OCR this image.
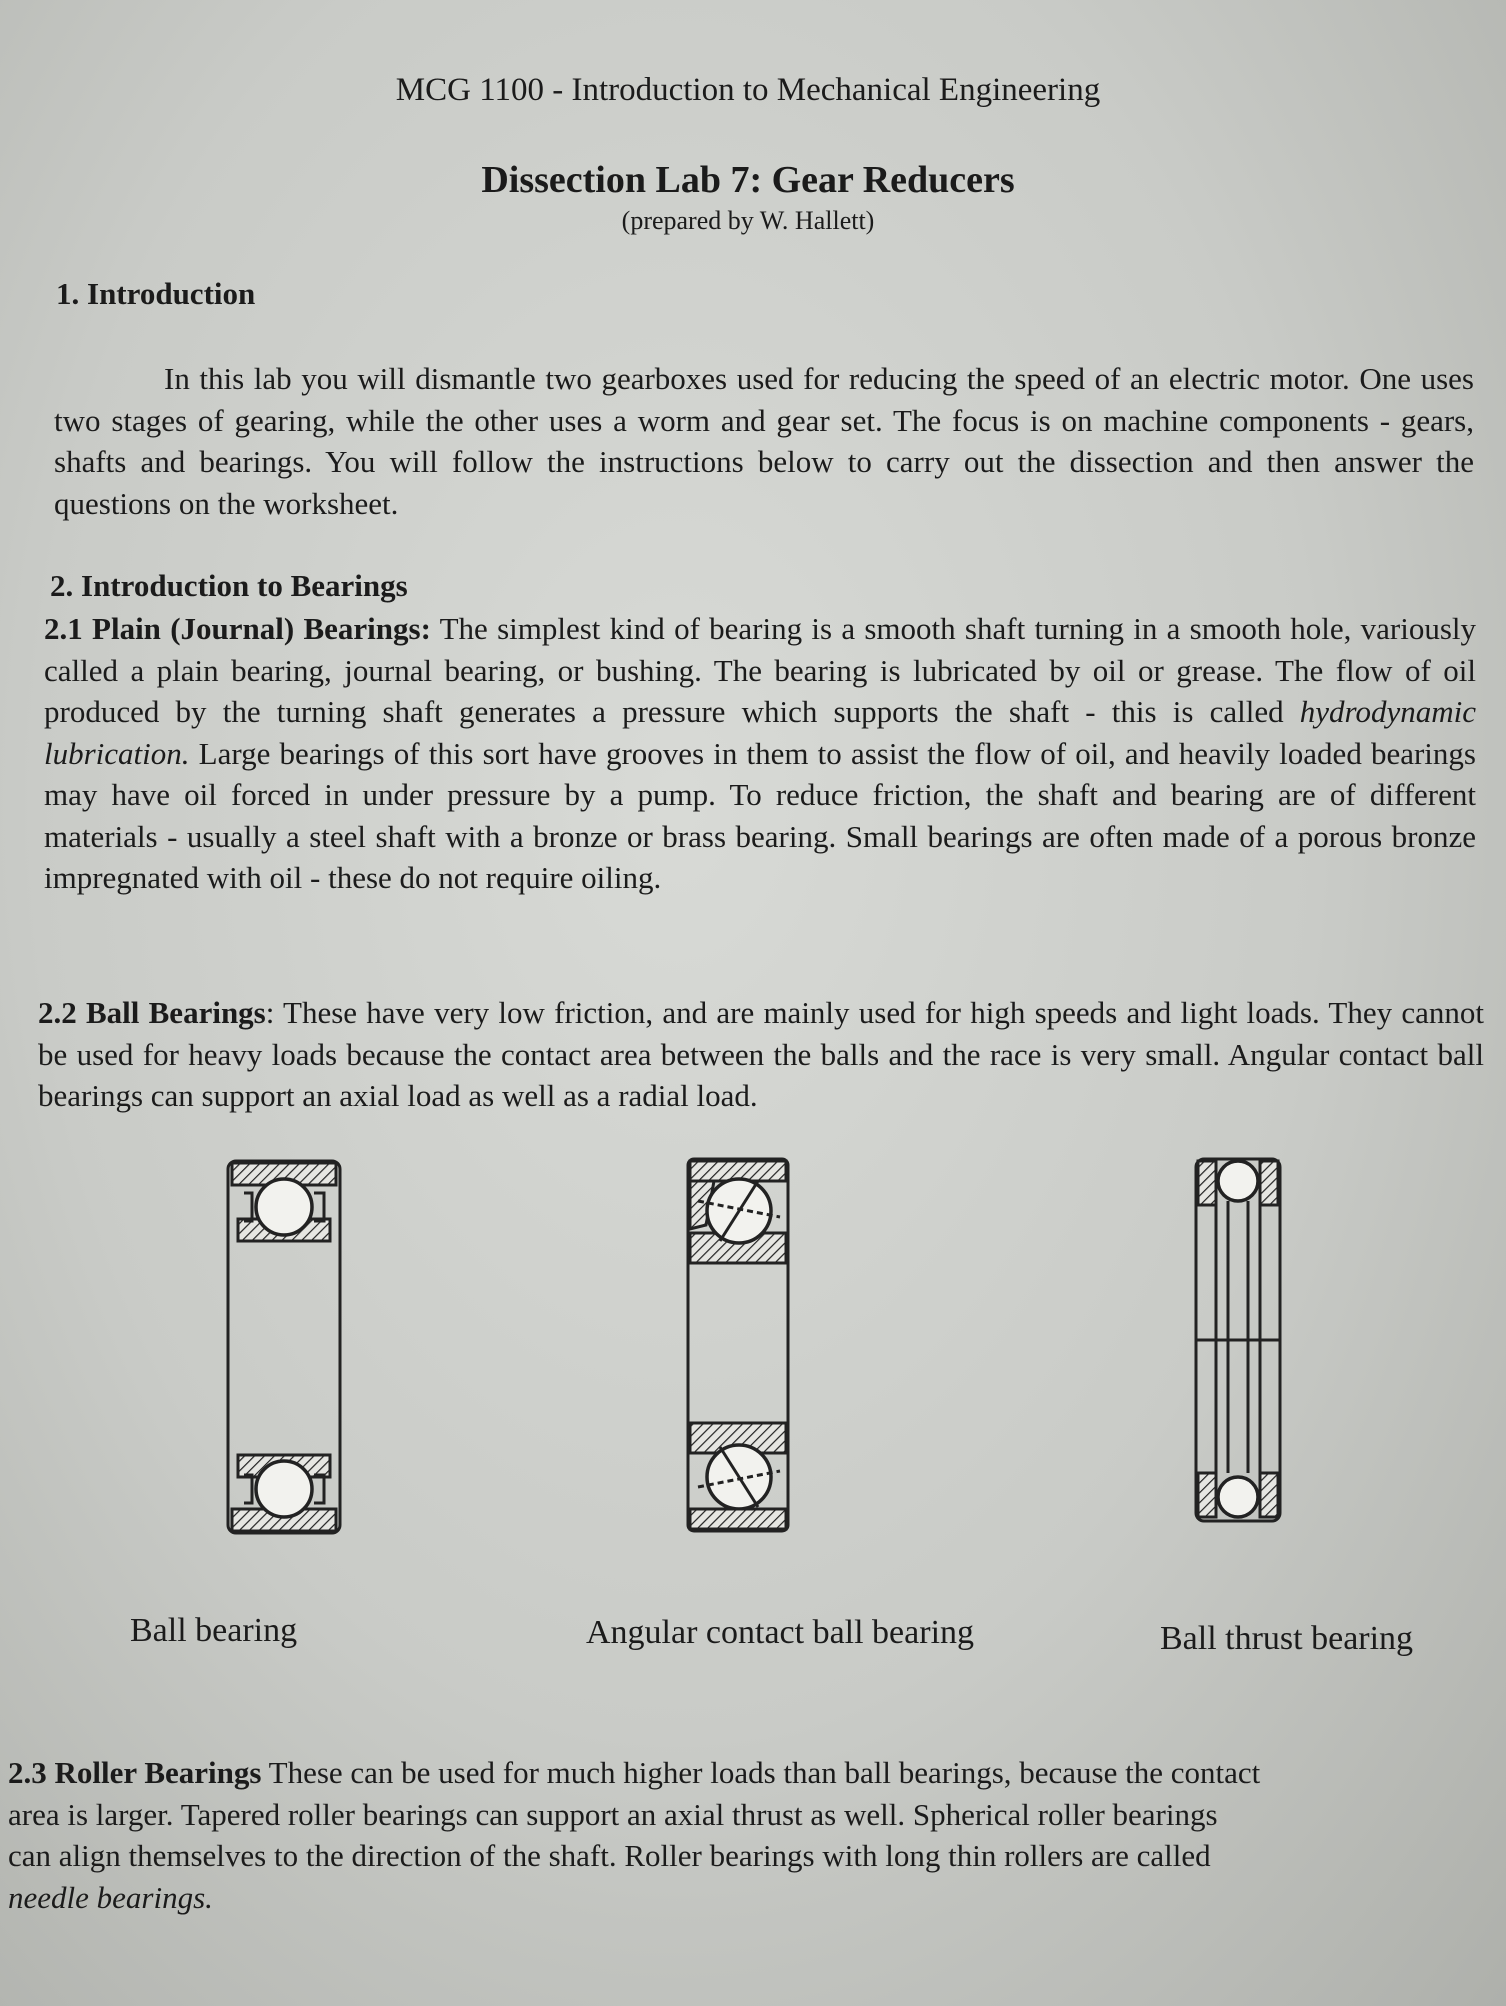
MCG 1100 - Introduction to Mechanical Engineering
Dissection Lab 7: Gear Reducers
(prepared by W. Hallett)
1. Introduction

In this lab you will dismantle two gearboxes used for reducing the speed of an electric motor. One uses two stages of gearing, while the other uses a worm and gear set. The focus is on machine components - gears, shafts and bearings. You will follow the instructions below to carry out the dissection and then answer the questions on the worksheet.

2. Introduction to Bearings

2.1 Plain (Journal) Bearings: The simplest kind of bearing is a smooth shaft turning in a smooth hole, variously called a plain bearing, journal bearing, or bushing. The bearing is lubricated by oil or grease. The flow of oil produced by the turning shaft generates a pressure which supports the shaft - this is called hydrodynamic lubrication. Large bearings of this sort have grooves in them to assist the flow of oil, and heavily loaded bearings may have oil forced in under pressure by a pump. To reduce friction, the shaft and bearing are of different materials - usually a steel shaft with a bronze or brass bearing. Small bearings are often made of a porous bronze impregnated with oil - these do not require oiling.

2.2 Ball Bearings: These have very low friction, and are mainly used for high speeds and light loads. They cannot be used for heavy loads because the contact area between the balls and the race is very small. Angular contact ball bearings can support an axial load as well as a radial load.

Ball bearing	Angular contact ball bearing	Ball thrust bearing

2.3 Roller Bearings These can be used for much higher loads than ball bearings, because the contact
area is larger. Tapered roller bearings can support an axial thrust as well. Spherical roller bearings
can align themselves to the direction of the shaft. Roller bearings with long thin rollers are called
needle bearings.
